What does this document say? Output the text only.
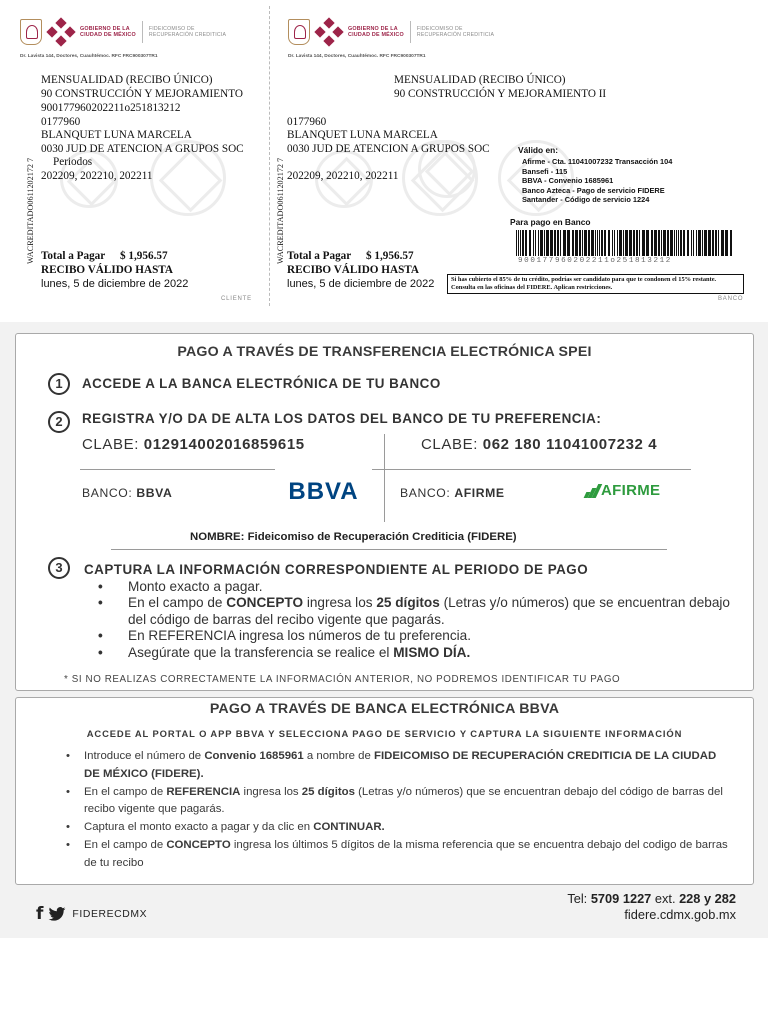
GOBIERNO DE LA
CIUDAD DE MÉXICO
FIDEICOMISO DE
RECUPERACIÓN CREDITICIA
Dr. Lavista 144, Doctores, Cuauhtémoc. RFC FRC900307TR1
MENSUALIDAD (RECIBO ÚNICO)
90 CONSTRUCCIÓN Y MEJORAMIENTO
900177960202211o251813212
0177960
BLANQUET LUNA MARCELA
0030 JUD DE ATENCION A GRUPOS SOC
Periodos
202209, 202210, 202211
WACREDITADO0611202172 7 Total a Pagar $ 1,956.57
RECIBO VÁLIDO HASTA
lunes, 5 de diciembre de 2022
CLIENTE
GOBIERNO DE LA
CIUDAD DE MÉXICO
FIDEICOMISO DE
RECUPERACIÓN CREDITICIA
Dr. Lavista 144, Doctores, Cuauhtémoc. RFC FRC900307TR1
MENSUALIDAD (RECIBO ÚNICO)
90 CONSTRUCCIÓN Y MEJORAMIENTO II
0177960
BLANQUET LUNA MARCELA
0030 JUD DE ATENCION A GRUPOS SOC
202209, 202210, 202211
WACREDITADO0611202172 7
Válido en:
Afirme - Cta. 11041007232 Transacción 104
Bansefi - 115
BBVA - Convenio 1685961
Banco Azteca - Pago de servicio FIDERE
Santander - Código de servicio 1224
Para pago en Banco
900177960202211o251813212
Total a Pagar $ 1,956.57
RECIBO VÁLIDO HASTA
lunes, 5 de diciembre de 2022	Si has cubierto el 85% de tu crédito, podrías ser candidato para que te condonen el 15% restante. Consulta en las oficinas del FIDERE. Aplican restricciones.
BANCO
PAGO A TRAVÉS DE TRANSFERENCIA ELECTRÓNICA SPEI
1	ACCEDE A LA BANCA ELECTRÓNICA DE TU BANCO
2	REGISTRA Y/O DA DE ALTA LOS DATOS DEL BANCO DE TU PREFERENCIA:
CLABE: 012914002016859615	CLABE: 062 180 11041007232 4
BANCO: BBVA	BBVA	BANCO: AFIRME	AFIRME
NOMBRE: Fideicomiso de Recuperación Crediticia (FIDERE)
3	CAPTURA LA INFORMACIÓN CORRESPONDIENTE AL PERIODO DE PAGO
• Monto exacto a pagar.
• En el campo de CONCEPTO ingresa los 25 dígitos (Letras y/o números) que se encuentran debajo del código de barras del recibo vigente que pagarás.
• En REFERENCIA ingresa los números de tu preferencia.
• Asegúrate que la transferencia se realice el MISMO DÍA.
* SI NO REALIZAS CORRECTAMENTE LA INFORMACIÓN ANTERIOR, NO PODREMOS IDENTIFICAR TU PAGO
PAGO A TRAVÉS DE BANCA ELECTRÓNICA BBVA
ACCEDE AL PORTAL O APP BBVA Y SELECCIONA PAGO DE SERVICIO Y CAPTURA LA SIGUIENTE INFORMACIÓN
• Introduce el número de Convenio 1685961 a nombre de FIDEICOMISO DE RECUPERACIÓN CREDITICIA DE LA CIUDAD DE MÉXICO (FIDERE).
• En el campo de REFERENCIA ingresa los 25 dígitos (Letras y/o números) que se encuentran debajo del código de barras del recibo vigente que pagarás.
• Captura el monto exacto a pagar y da clic en CONTINUAR.
• En el campo de CONCEPTO ingresa los últimos 5 dígitos de la misma referencia que se encuentra debajo del codigo de barras de tu recibo
f	FIDERECDMX
Tel: 5709 1227 ext. 228 y 282
fidere.cdmx.gob.mx
